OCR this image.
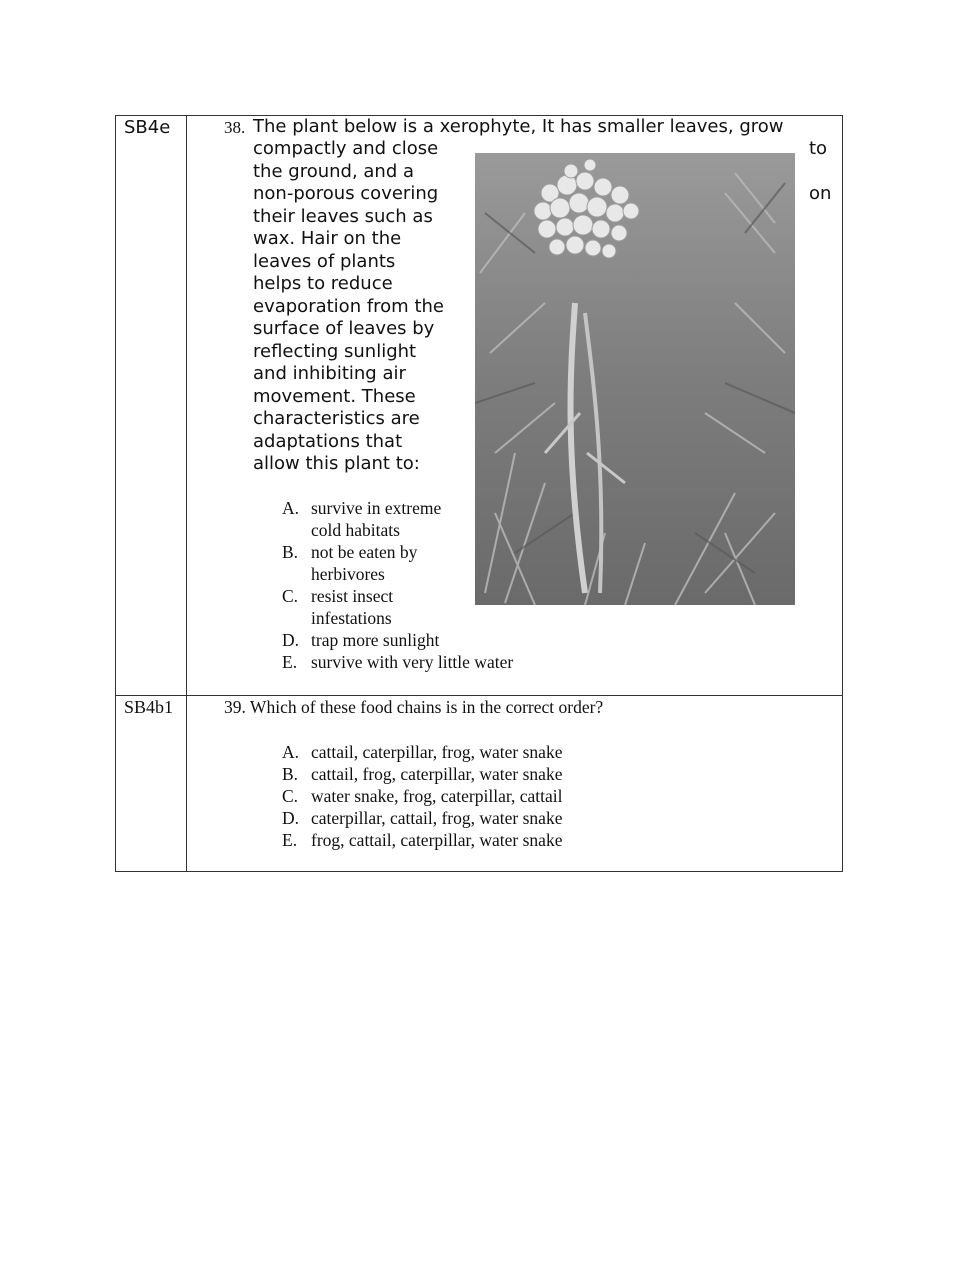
SB4e	38. The plant below is a xerophyte, It has smaller leaves, grow
to
on
compactly and close
the ground, and a
non-porous covering
their leaves such as
wax. Hair on the
leaves of plants
helps to reduce
evaporation from the
surface of leaves by
reflecting sunlight
and inhibiting air
movement. These
characteristics are
adaptations that
allow this plant to:
A. survive in extreme
cold habitats
B. not be eaten by
herbivores
C. resist insect
infestations
D. trap more sunlight
E. survive with very little water
SB4b1	39. Which of these food chains is in the correct order?
A. cattail, caterpillar, frog, water snake
B. cattail, frog, caterpillar, water snake
C. water snake, frog, caterpillar, cattail
D. caterpillar, cattail, frog, water snake
E. frog, cattail, caterpillar, water snake
